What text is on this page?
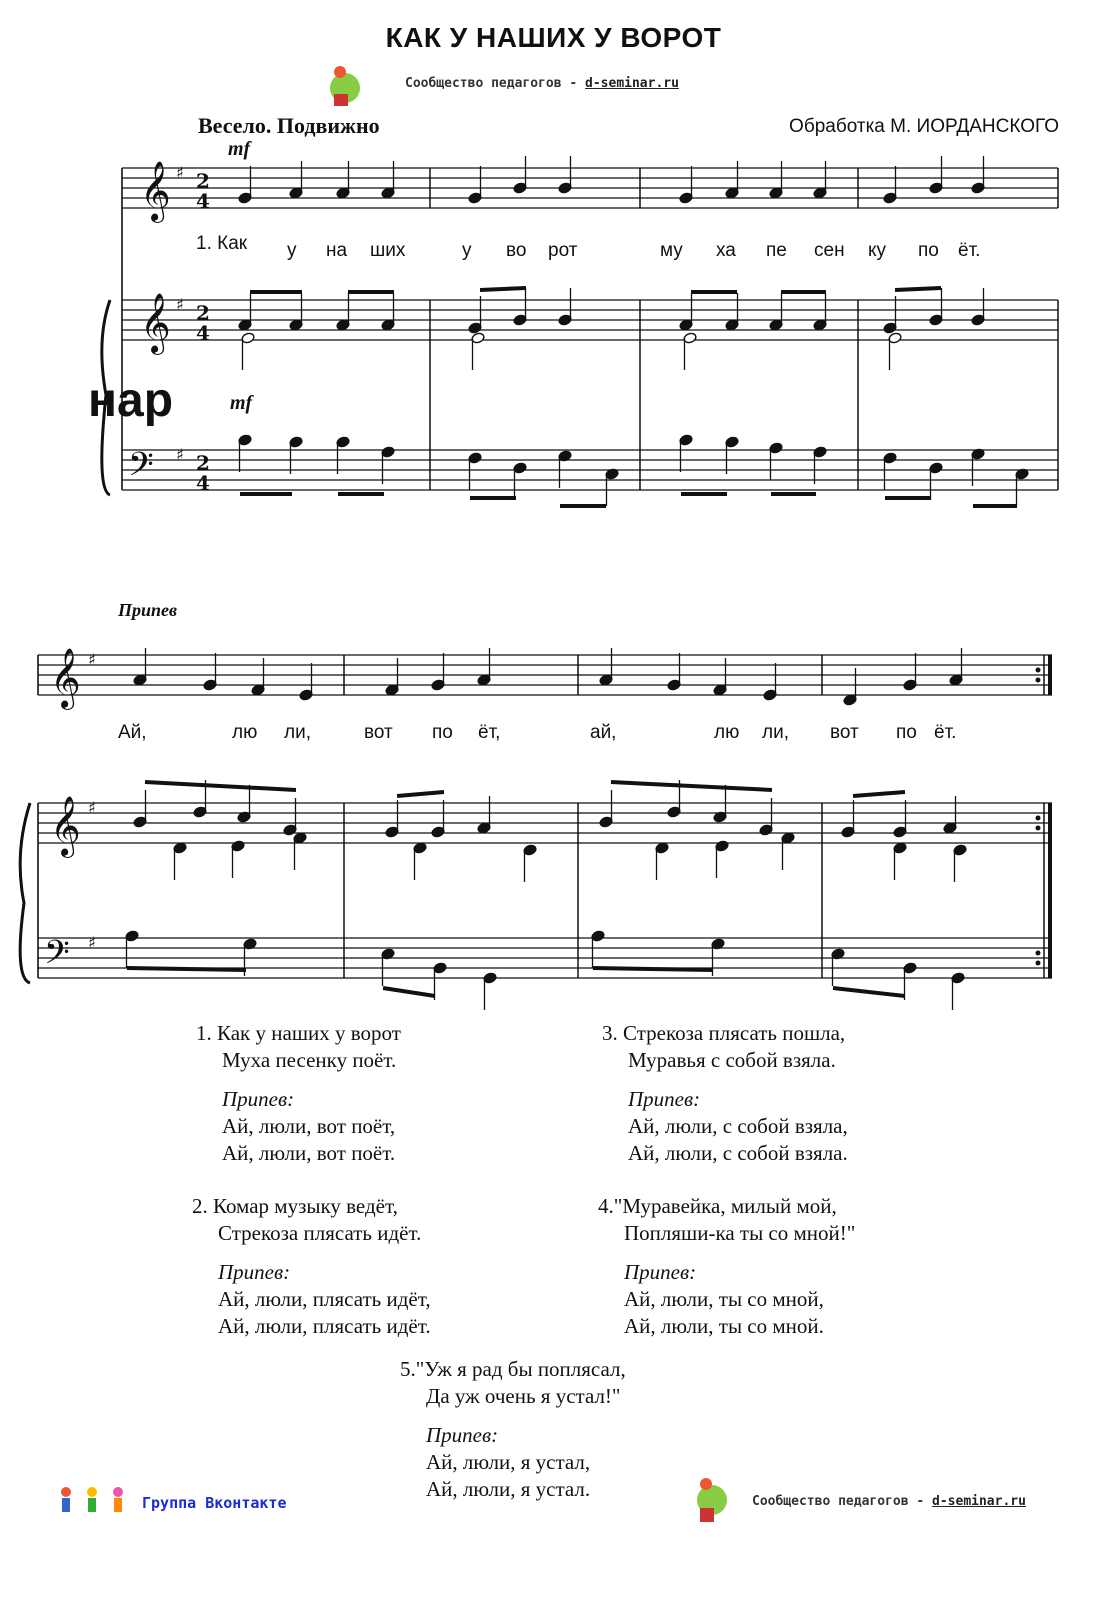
КАК У НАШИХ У ВОРОТ
𝄞
𝄞
𝄢
♯ 2
4
♯ 2
4
♯ 2
4
𝄞
𝄞
𝄢
♯
♯
♯
Сообщество педагогов - d-seminar.ru
Весело. Подвижно	Обработка М. ИОРДАНСКОГО
нар
Припев
mf
mf
1. Как у на ших	у во рот	му ха пе сен ку по ёт.
Ай,	лю ли,	вот по ёт,	ай,	лю ли, вот по ёт.
1. Как у наших у ворот
Муха песенку поёт.
Припев:
Ай, люли, вот поёт,
Ай, люли, вот поёт.
2. Комар музыку ведёт,
Стрекоза плясать идёт.
Припев:
Ай, люли, плясать идёт,
Ай, люли, плясать идёт.
3. Стрекоза плясать пошла,
Муравья с собой взяла.
Припев:
Ай, люли, с собой взяла,
Ай, люли, с собой взяла.
4."Муравейка, милый мой,
Попляши-ка ты со мной!"
Припев:
Ай, люли, ты со мной,
Ай, люли, ты со мной.
5."Уж я рад бы поплясал,
Да уж очень я устал!"
Припев:
Ай, люли, я устал,
Ай, люли, я устал.
Группа Вконтакте	Сообщество педагогов - d-seminar.ru
